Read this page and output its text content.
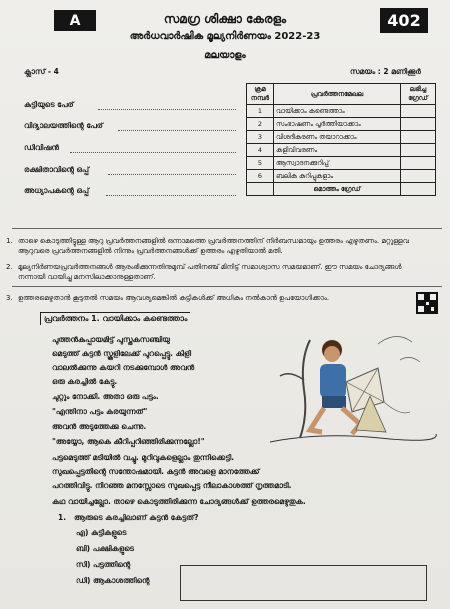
A	402
സമഗ്ര ശിക്ഷാ കേരളം
അർധവാർഷിക മൂല്യനിർണയം 2022-23
മലയാളം
ക്ലാസ് - 4	സമയം : 2 മണിക്കൂർ
കുട്ടിയുടെ പേര്
വിദ്യാലയത്തിന്റെ പേര്
ഡിവിഷൻ
രക്ഷിതാവിന്റെ ഒപ്പ്
അധ്യാപകന്റെ ഒപ്പ്
ക്രമ നമ്പർ	പ്രവർത്തനമേഖല	ലഭിച്ച ഗ്രേഡ്
1	വായിക്കാം കണ്ടെത്താം	
2	സംഭാഷണം പൂർത്തിയാക്കാം	
3	വിശദീകരണം തയാറാക്കാം	
4	കളിവിവരണം	
5	ആസ്വാദനക്കുറിപ്പ്	
6	ബലിക കുറിപ്പുകളാം	
	മൊത്തം ഗ്രേഡ്	
1. താഴെ കൊടുത്തിട്ടുള്ള ആറു പ്രവർത്തനങ്ങളിൽ ഒന്നാമത്തെ പ്രവർത്തനത്തിന് നിർബന്ധമായും ഉത്തരം എഴുതണം. മറ്റുള്ളവ ആറുവരെ പ്രവർത്തനങ്ങളിൽ നിന്നും പ്രവർത്തനങ്ങൾക്ക് ഉത്തരം എഴുതിയാൽ മതി.
2. മൂല്യനിർണയപ്രവർത്തനങ്ങൾ ആരംഭിക്കുന്നതിനുമുമ്പ് പതിനഞ്ച് മിനിട്ട് സമാശ്വാസ സമയമാണ്. ഈ സമയം ചോദ്യങ്ങൾ നന്നായി വായിച്ചു മനസിലാക്കാനുള്ളതാണ്.
3. ഉത്തരമെഴുതാൻ കൂടുതൽ സമയം ആവശ്യമെങ്കിൽ കുട്ടികൾക്ക് അധികം നൽകാൻ ഉപയോഗിക്കാം.
പ്രവർത്തനം 1. വായിക്കാം കണ്ടെത്താം
പുത്തൻകുപ്പായമിട്ട് പുസ്തകസഞ്ചിയു
മെടുത്ത് കുട്ടൻ സ്കൂളിലേക്ക് പുറപ്പെട്ടു. കിളി
വാലൽക്കുന്നു കയറി നടക്കുമ്പോൾ അവൻ
ഒരു കരച്ചിൽ കേട്ടു.
ചുറ്റും നോക്കി. അതാ ഒരു പട്ടം.
"എന്തിനാ പട്ടം കരയുന്നത്"
അവൻ അടുത്തേക്കു ചെന്നു.
"അയ്യോ, ആകെ കീറിപ്പറിഞ്ഞിരിക്കുന്നല്ലോ!"
പട്ടമെടുത്ത് മടിയിൽ വച്ചു. മുറിവുകളെല്ലാം തുന്നിക്കെട്ടി.
സുഖപ്പെട്ടതിന്റെ സന്തോഷമായി. കുട്ടൻ അവളെ മാനത്തേക്ക്
പറത്തിവിട്ടു. നിറഞ്ഞ മനസ്സോടെ സുഖപ്പെട്ട നീലാകാശത്ത് നൃത്തമാടി.
കഥ വായിച്ചല്ലോ. താഴെ കൊടുത്തിരിക്കുന്ന ചോദ്യങ്ങൾക്ക് ഉത്തരമെഴുതുക.
1. ആരുടെ കരച്ചിലാണ് കുട്ടൻ കേട്ടത്?
എ) കുട്ടികളുടെ
ബി) പക്ഷികളുടെ
സി) പട്ടത്തിന്റെ
ഡി) ആകാശത്തിന്റെ
